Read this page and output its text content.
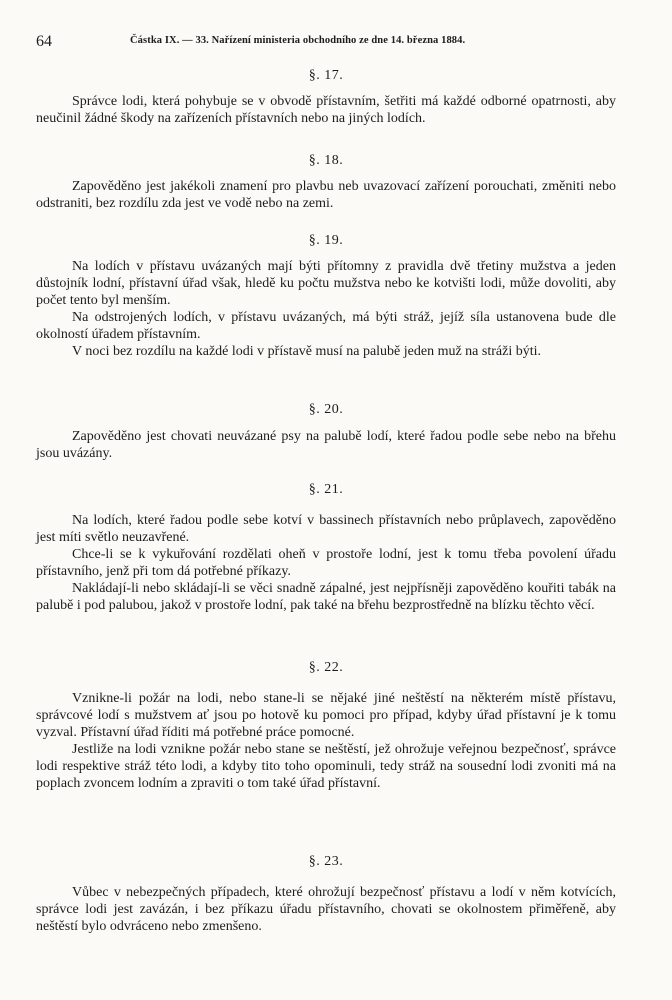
64	Částka IX. — 33. Nařízení ministeria obchodního ze dne 14. března 1884.
§. 17.

Správce lodi, která pohybuje se v obvodě přístavním, šetřiti má každé odborné opatrnosti, aby neučinil žádné škody na zařízeních přístavních nebo na jiných lodích.

§. 18.

Zapověděno jest jakékoli znamení pro plavbu neb uvazovací zařízení porouchati, změniti nebo odstraniti, bez rozdílu zda jest ve vodě nebo na zemi.

§. 19.

Na lodích v přístavu uvázaných mají býti přítomny z pravidla dvě třetiny mužstva a jeden důstojník lodní, přístavní úřad však, hledě ku počtu mužstva nebo ke kotvišti lodi, může dovoliti, aby počet tento byl menším.

Na odstrojených lodích, v přístavu uvázaných, má býti stráž, jejíž síla ustanovena bude dle okolností úřadem přístavním.

V noci bez rozdílu na každé lodi v přístavě musí na palubě jeden muž na stráži býti.

§. 20.

Zapověděno jest chovati neuvázané psy na palubě lodí, které řadou podle sebe nebo na břehu jsou uvázány.

§. 21.

Na lodích, které řadou podle sebe kotví v bassinech přístavních nebo průplavech, zapověděno jest míti světlo neuzavřené.

Chce-li se k vykuřování rozdělati oheň v prostoře lodní, jest k tomu třeba povolení úřadu přístavního, jenž při tom dá potřebné příkazy.

Nakládají-li nebo skládají-li se věci snadně zápalné, jest nejpřísněji zapověděno kouřiti tabák na palubě i pod palubou, jakož v prostoře lodní, pak také na břehu bezprostředně na blízku těchto věcí.

§. 22.

Vznikne-li požár na lodi, nebo stane-li se nějaké jiné neštěstí na některém místě přístavu, správcové lodí s mužstvem ať jsou po hotově ku pomoci pro případ, kdyby úřad přístavní je k tomu vyzval. Přístavní úřad říditi má potřebné práce pomocné.

Jestliže na lodi vznikne požár nebo stane se neštěstí, jež ohrožuje veřejnou bezpečnosť, správce lodi respektive stráž této lodi, a kdyby tito toho opominuli, tedy stráž na sousední lodi zvoniti má na poplach zvoncem lodním a zpraviti o tom také úřad přístavní.

§. 23.

Vůbec v nebezpečných případech, které ohrožují bezpečnosť přístavu a lodí v něm kotvících, správce lodi jest zavázán, i bez příkazu úřadu přístavního, chovati se okolnostem přiměřeně, aby neštěstí bylo odvráceno nebo zmenšeno.
